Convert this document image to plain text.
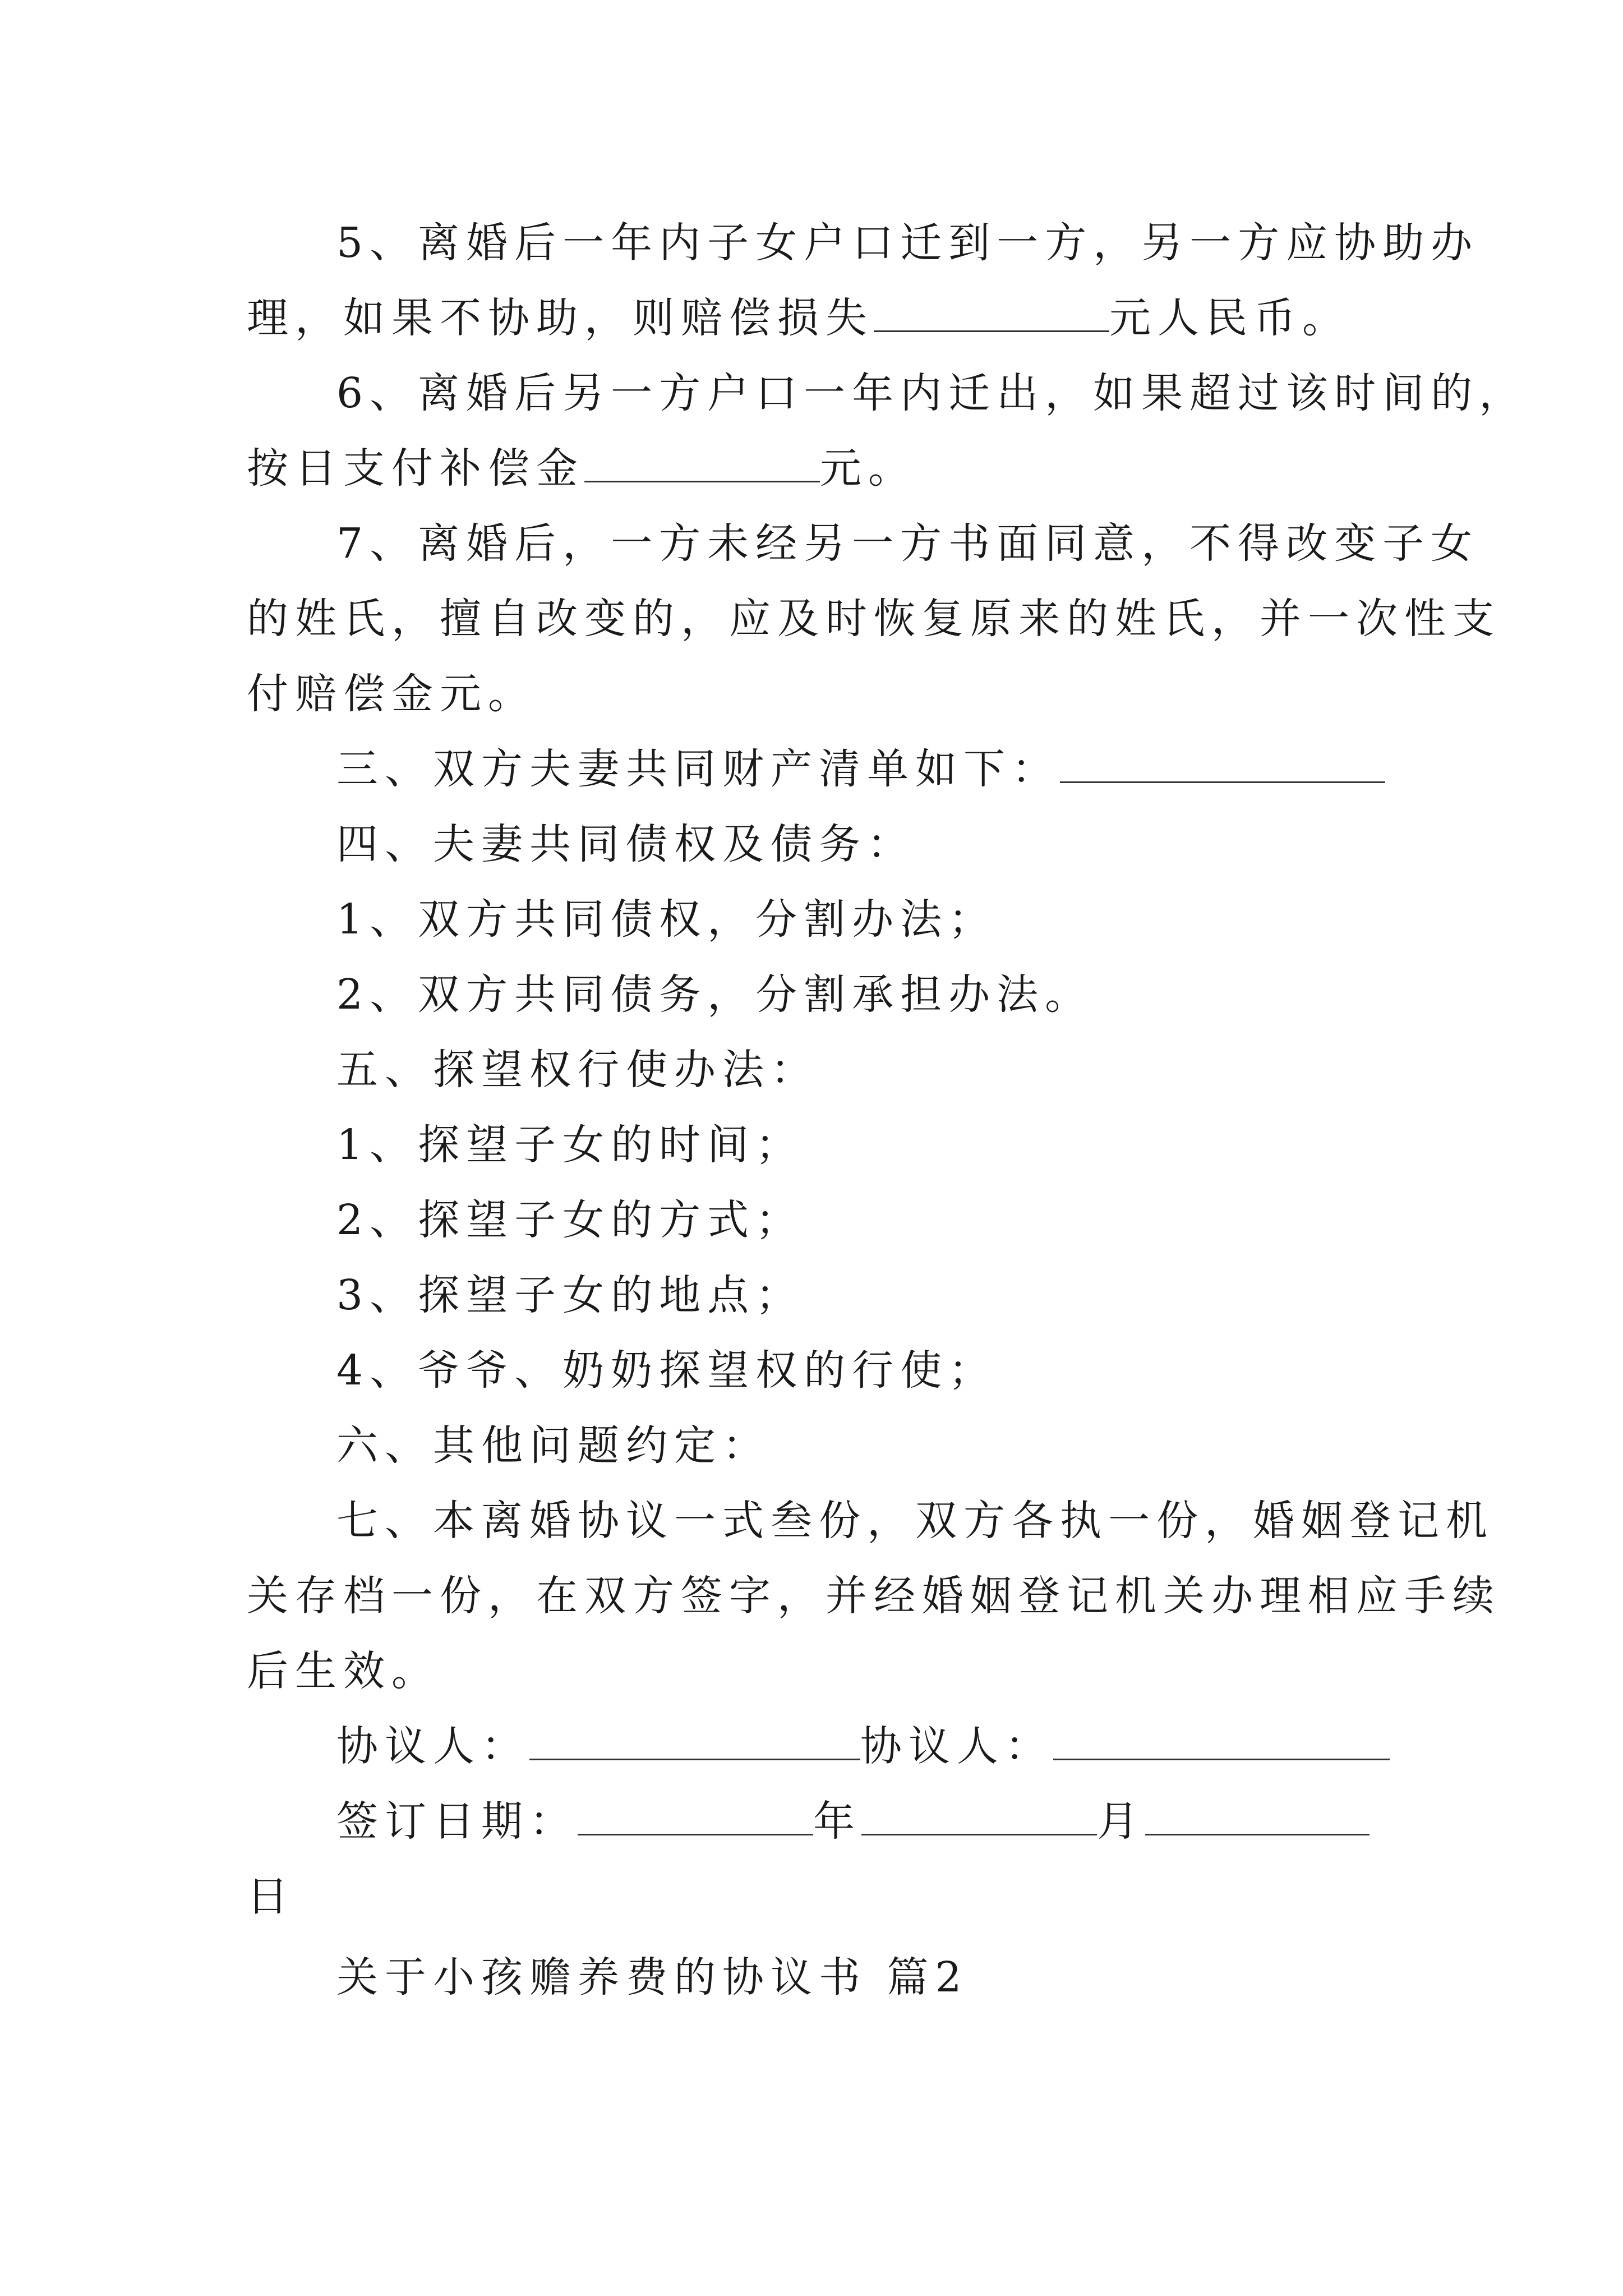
5、离婚后一年内子女户口迁到一方，另一方应协助办
理，如果不协助，则赔偿损失	元人民币。
6、离婚后另一方户口一年内迁出，如果超过该时间的，
按日支付补偿金	元。
7、离婚后，一方未经另一方书面同意，不得改变子女
的姓氏，擅自改变的，应及时恢复原来的姓氏，并一次性支
付赔偿金元。
三、双方夫妻共同财产清单如下：
四、夫妻共同债权及债务：
1、双方共同债权，分割办法；
2、双方共同债务，分割承担办法。
五、探望权行使办法：
1、探望子女的时间；
2、探望子女的方式；
3、探望子女的地点；
4、爷爷、奶奶探望权的行使；
六、其他问题约定：
七、本离婚协议一式叁份，双方各执一份，婚姻登记机
关存档一份，在双方签字，并经婚姻登记机关办理相应手续
后生效。
协议人：	协议人：
签订日期：	年	月
日
关于小孩赡养费的协议书 篇2
